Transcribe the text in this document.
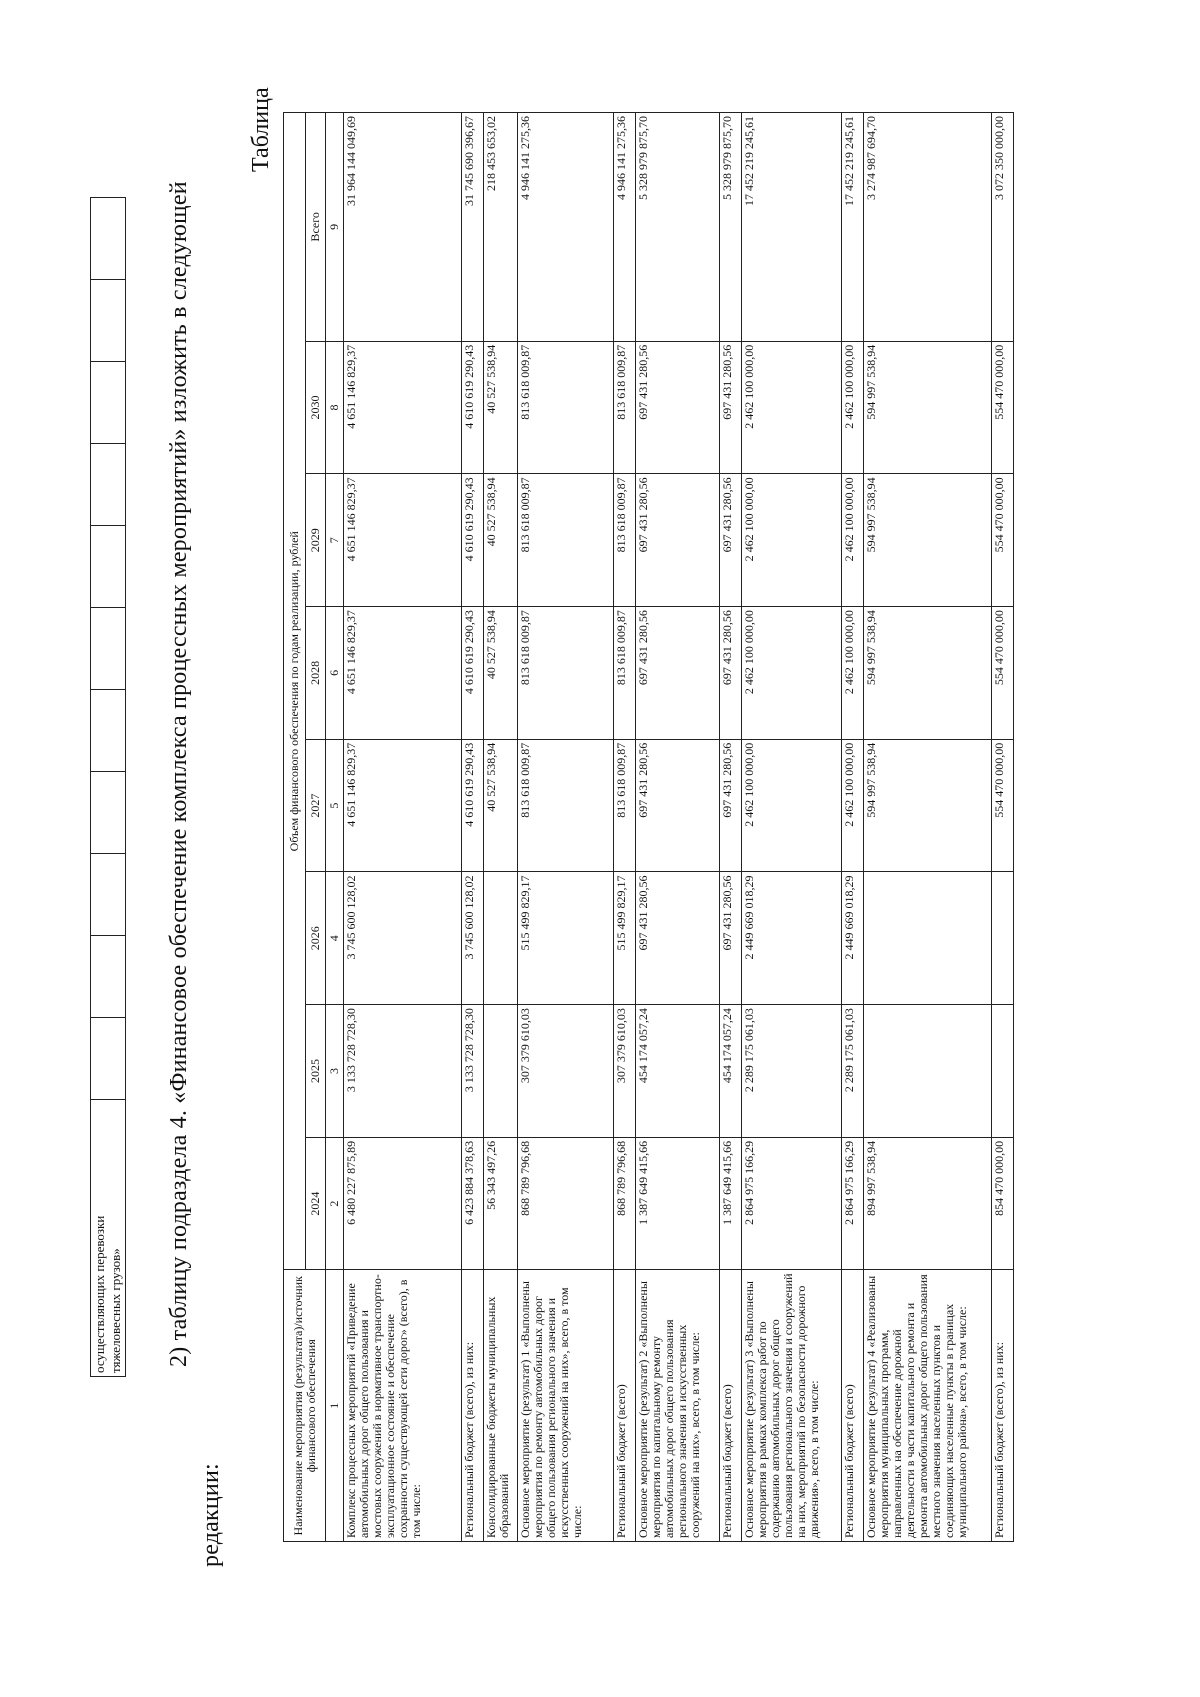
осуществляющих перевозки
тяжеловесных грузов»											2) таблицу подраздела 4. «Финансовое обеспечение комплекса процессных мероприятий» изложить в следующей
редакции:
Таблица
Наименование мероприятия (результата)/источник финансового обеспечения	Объем финансового обеспечения по годам реализации, рублей							
	2024	2025	2026	2027	2028	2029	2030	Всего
1	2	3	4	5	6	7	8	9
Комплекс процессных мероприятий «Приведение автомобильных дорог общего пользования и мостовых сооружений в нормативное транспортно-эксплуатационное состояние и обеспечение сохранности существующей сети дорог» (всего), в том числе:	6 480 227 875,89	3 133 728 728,30	3 745 600 128,02	4 651 146 829,37	4 651 146 829,37	4 651 146 829,37	4 651 146 829,37	31 964 144 049,69
Региональный бюджет (всего), из них:	6 423 884 378,63	3 133 728 728,30	3 745 600 128,02	4 610 619 290,43	4 610 619 290,43	4 610 619 290,43	4 610 619 290,43	31 745 690 396,67
Консолидированные бюджеты муниципальных образований	56 343 497,26			40 527 538,94	40 527 538,94	40 527 538,94	40 527 538,94	218 453 653,02
Основное мероприятие (результат) 1 «Выполнены мероприятия по ремонту автомобильных дорог общего пользования регионального значения и искусственных сооружений на них», всего, в том числе:	868 789 796,68	307 379 610,03	515 499 829,17	813 618 009,87	813 618 009,87	813 618 009,87	813 618 009,87	4 946 141 275,36
Региональный бюджет (всего)	868 789 796,68	307 379 610,03	515 499 829,17	813 618 009,87	813 618 009,87	813 618 009,87	813 618 009,87	4 946 141 275,36
Основное мероприятие (результат) 2 «Выполнены мероприятия по капитальному ремонту автомобильных дорог общего пользования регионального значения и искусственных сооружений на них», всего, в том числе:	1 387 649 415,66	454 174 057,24	697 431 280,56	697 431 280,56	697 431 280,56	697 431 280,56	697 431 280,56	5 328 979 875,70
Региональный бюджет (всего)	1 387 649 415,66	454 174 057,24	697 431 280,56	697 431 280,56	697 431 280,56	697 431 280,56	697 431 280,56	5 328 979 875,70
Основное мероприятие (результат) 3 «Выполнены мероприятия в рамках комплекса работ по содержанию автомобильных дорог общего пользования регионального значения и сооружений на них, мероприятий по безопасности дорожного движения», всего, в том числе:	2 864 975 166,29	2 289 175 061,03	2 449 669 018,29	2 462 100 000,00	2 462 100 000,00	2 462 100 000,00	2 462 100 000,00	17 452 219 245,61
Региональный бюджет (всего)	2 864 975 166,29	2 289 175 061,03	2 449 669 018,29	2 462 100 000,00	2 462 100 000,00	2 462 100 000,00	2 462 100 000,00	17 452 219 245,61
Основное мероприятие (результат) 4 «Реализованы мероприятия муниципальных программ, направленных на обеспечение дорожной деятельности в части капитального ремонта и ремонта автомобильных дорог общего пользования местного значения населенных пунктов и соединяющих населенные пункты в границах муниципального района», всего, в том числе:	894 997 538,94			594 997 538,94	594 997 538,94	594 997 538,94	594 997 538,94	3 274 987 694,70
Региональный бюджет (всего), из них:	854 470 000,00			554 470 000,00	554 470 000,00	554 470 000,00	554 470 000,00	3 072 350 000,00
